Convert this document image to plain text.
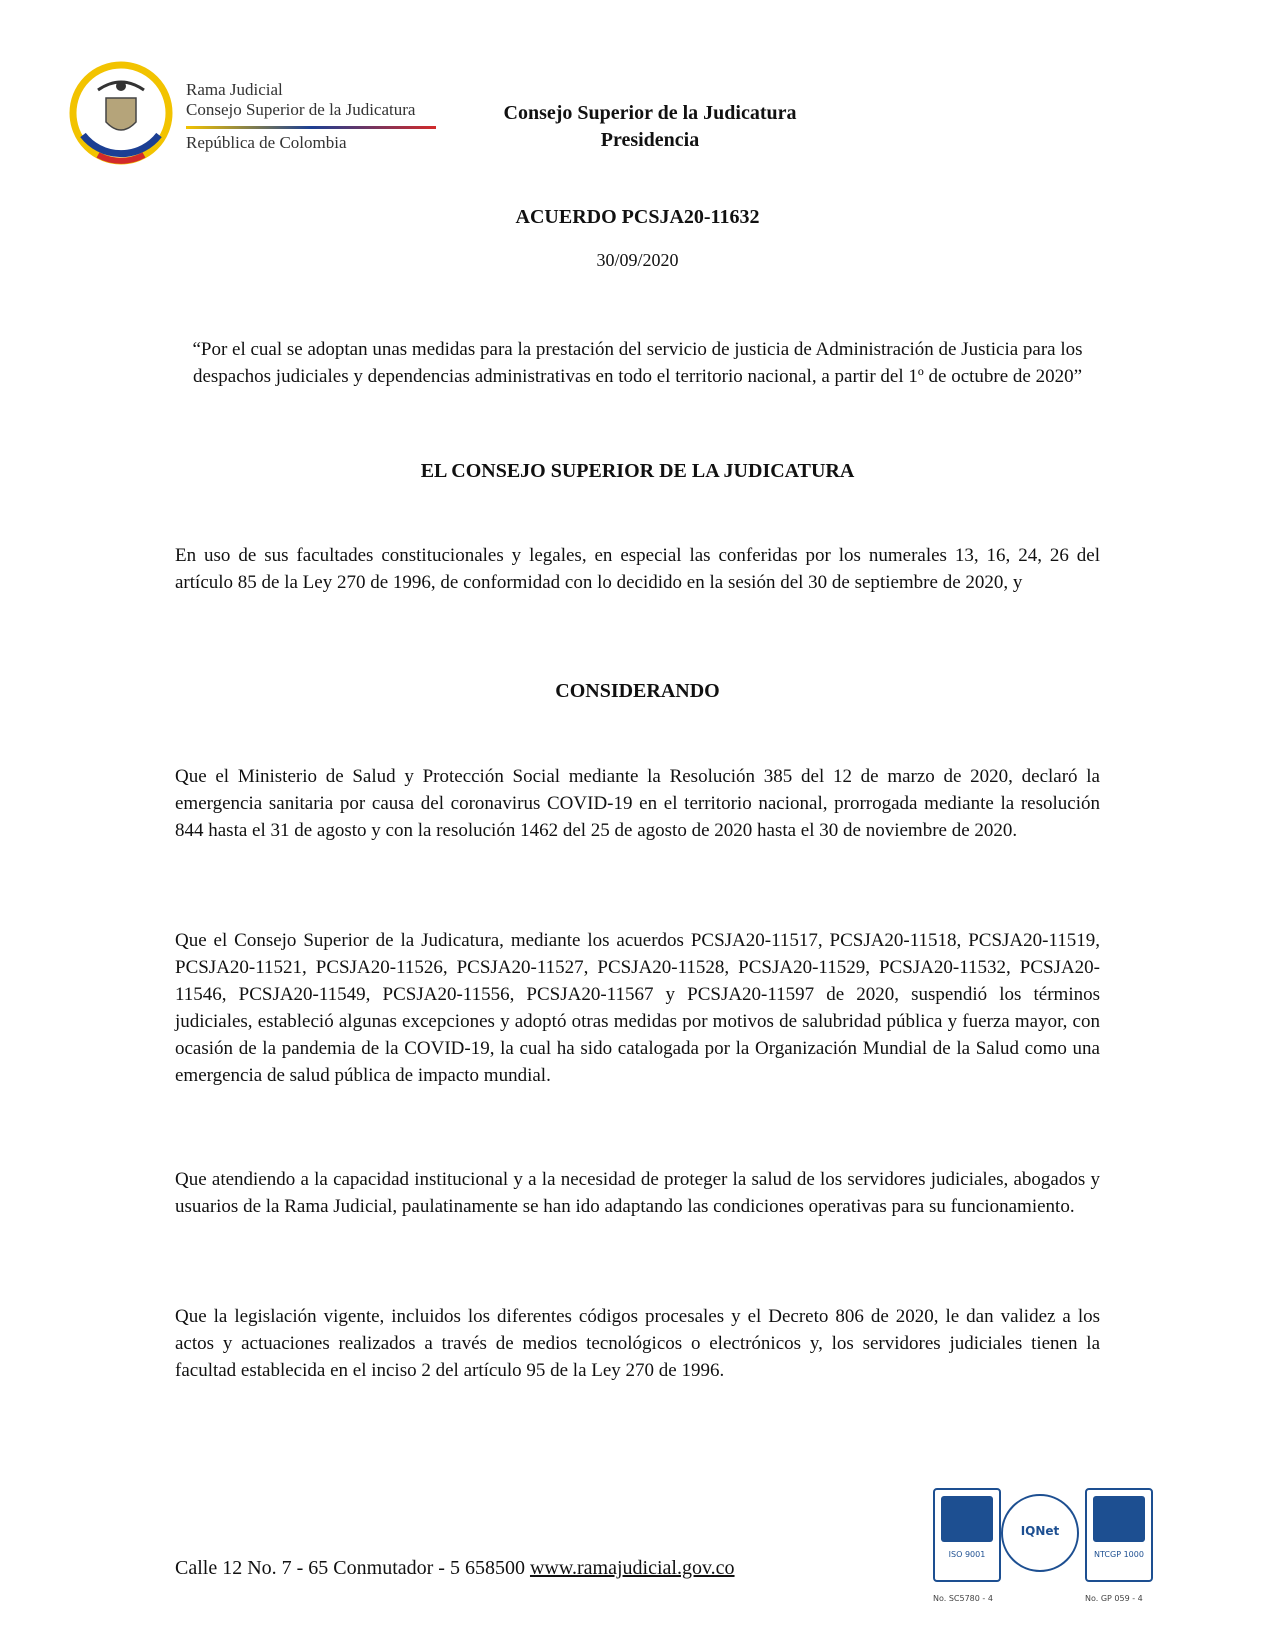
Rama Judicial
Consejo Superior de la Judicatura
República de Colombia
Consejo Superior de la Judicatura
Presidencia
ACUERDO PCSJA20-11632
30/09/2020
“Por el cual se adoptan unas medidas para la prestación del servicio de justicia de Administración de Justicia para los despachos judiciales y dependencias administrativas en todo el territorio nacional, a partir del 1º de octubre de 2020”
EL CONSEJO SUPERIOR DE LA JUDICATURA
En uso de sus facultades constitucionales y legales, en especial las conferidas por los numerales 13, 16, 24, 26 del artículo 85 de la Ley 270 de 1996, de conformidad con lo decidido en la sesión del 30 de septiembre de 2020, y
CONSIDERANDO
Que el Ministerio de Salud y Protección Social mediante la Resolución 385 del 12 de marzo de 2020, declaró la emergencia sanitaria por causa del coronavirus COVID-19 en el territorio nacional, prorrogada mediante la resolución 844 hasta el 31 de agosto y con la resolución 1462 del 25 de agosto de 2020 hasta el 30 de noviembre de 2020.
Que el Consejo Superior de la Judicatura, mediante los acuerdos PCSJA20-11517, PCSJA20-11518, PCSJA20-11519, PCSJA20-11521, PCSJA20-11526, PCSJA20-11527, PCSJA20-11528, PCSJA20-11529, PCSJA20-11532, PCSJA20-11546, PCSJA20-11549, PCSJA20-11556, PCSJA20-11567 y PCSJA20-11597 de 2020, suspendió los términos judiciales, estableció algunas excepciones y adoptó otras medidas por motivos de salubridad pública y fuerza mayor, con ocasión de la pandemia de la COVID-19, la cual ha sido catalogada por la Organización Mundial de la Salud como una emergencia de salud pública de impacto mundial.
Que atendiendo a la capacidad institucional y a la necesidad de proteger la salud de los servidores judiciales, abogados y usuarios de la Rama Judicial, paulatinamente se han ido adaptando las condiciones operativas para su funcionamiento.
Que la legislación vigente, incluidos los diferentes códigos procesales y el Decreto 806 de 2020, le dan validez a los actos y actuaciones realizados a través de medios tecnológicos o electrónicos y, los servidores judiciales tienen la facultad establecida en el inciso 2 del artículo 95 de la Ley 270 de 1996.
Calle 12 No. 7 - 65 Conmutador - 5 658500 www.ramajudicial.gov.co
ISO 9001
No. SC5780 - 4
IQNet
NTCGP 1000
No. GP 059 - 4
